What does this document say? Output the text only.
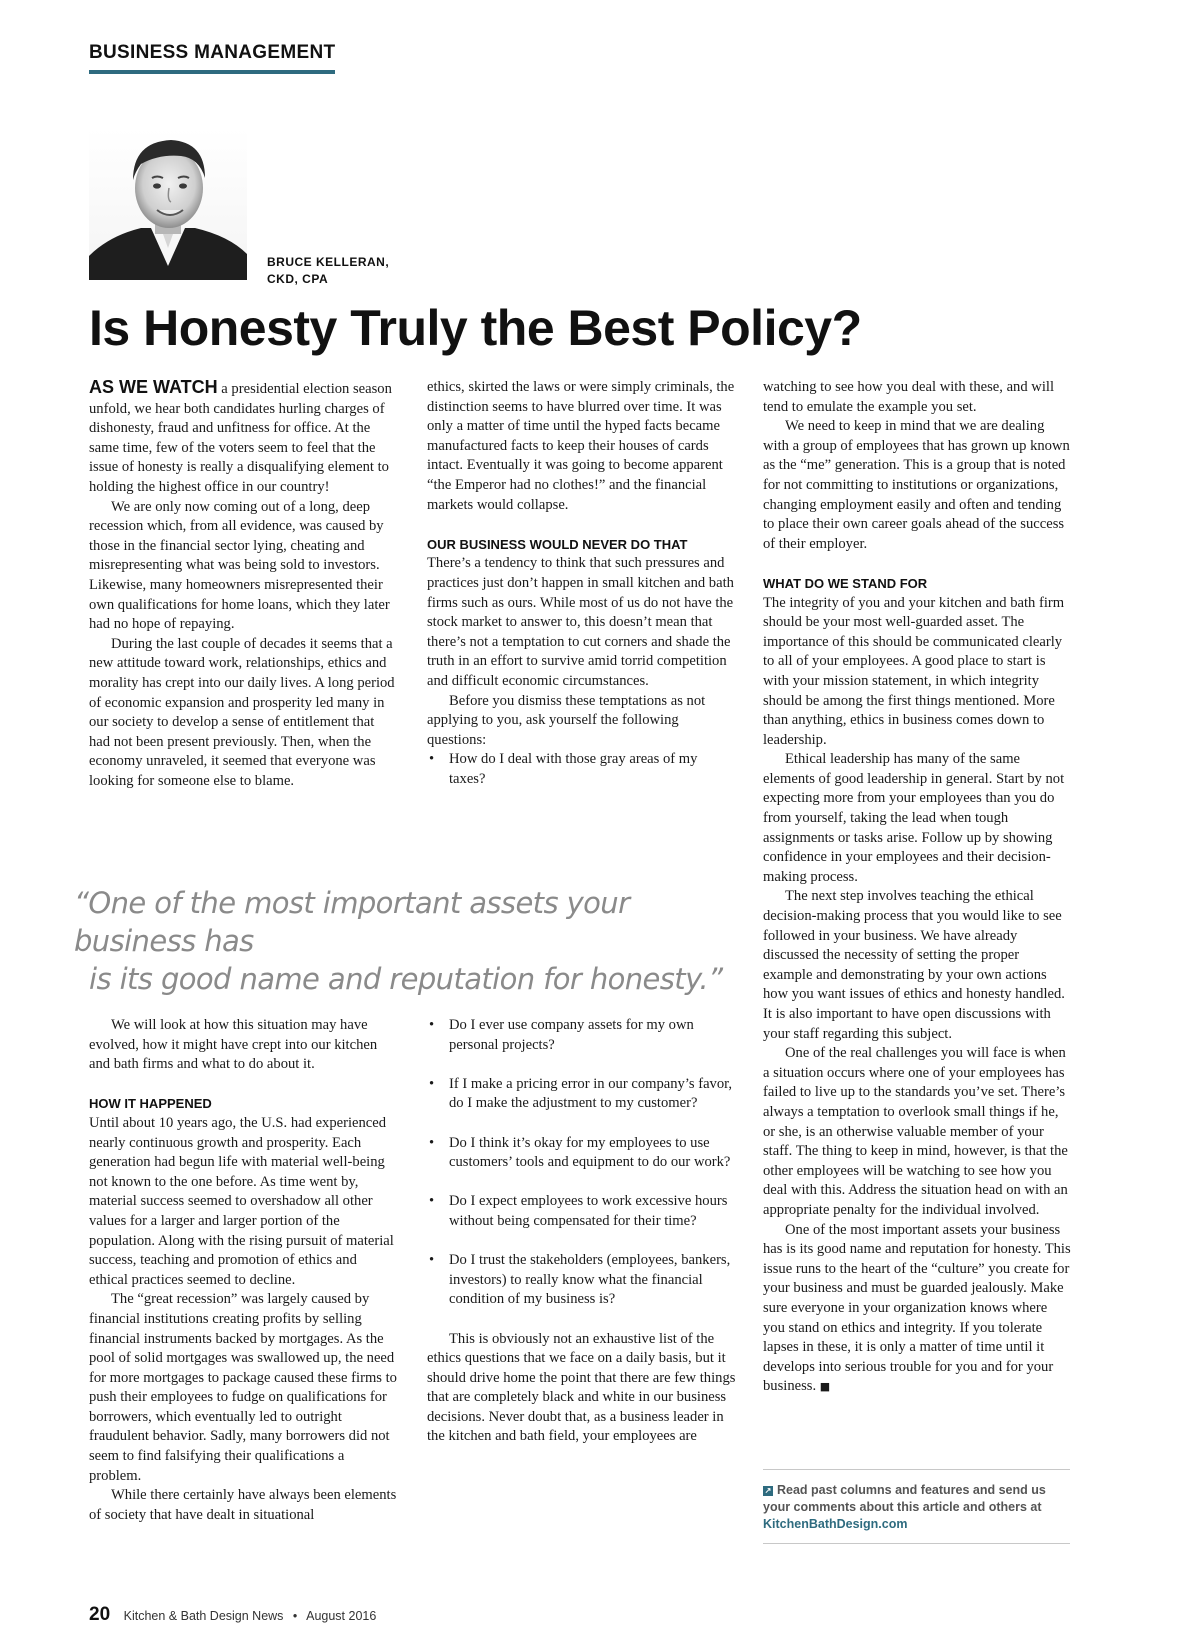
BUSINESS MANAGEMENT
BRUCE KELLERAN,
CKD, CPA
Is Honesty Truly the Best Policy?

AS WE WATCH a presidential election season unfold, we hear both candidates hurling charges of dishonesty, fraud and unfitness for office. At the same time, few of the voters seem to feel that the issue of honesty is really a disqualifying element to holding the highest office in our country!

We are only now coming out of a long, deep recession which, from all evidence, was caused by those in the financial sector lying, cheating and misrepresenting what was being sold to investors. Likewise, many homeowners misrepresented their own qualifications for home loans, which they later had no hope of repaying.

During the last couple of decades it seems that a new attitude toward work, relationships, ethics and morality has crept into our daily lives. A long period of economic expansion and prosperity led many in our society to develop a sense of entitlement that had not been present previously. Then, when the economy unraveled, it seemed that everyone was looking for someone else to blame.

ethics, skirted the laws or were simply criminals, the distinction seems to have blurred over time. It was only a matter of time until the hyped facts became manufactured facts to keep their houses of cards intact. Eventually it was going to become apparent “the Emperor had no clothes!” and the financial markets would collapse.

OUR BUSINESS WOULD NEVER DO THAT

There’s a tendency to think that such pressures and practices just don’t happen in small kitchen and bath firms such as ours. While most of us do not have the stock market to answer to, this doesn’t mean that there’s not a temptation to cut corners and shade the truth in an effort to survive amid torrid competition and difficult economic circumstances.

Before you dismiss these temptations as not applying to you, ask yourself the following questions:

• How do I deal with those gray areas of my taxes?
“One of the most important assets your business has
is its good name and reputation for honesty.”

We will look at how this situation may have evolved, how it might have crept into our kitchen and bath firms and what to do about it.

HOW IT HAPPENED

Until about 10 years ago, the U.S. had experienced nearly continuous growth and prosperity. Each generation had begun life with material well-being not known to the one before. As time went by, material success seemed to overshadow all other values for a larger and larger portion of the population. Along with the rising pursuit of material success, teaching and promotion of ethics and ethical practices seemed to decline.

The “great recession” was largely caused by financial institutions creating profits by selling financial instruments backed by mortgages. As the pool of solid mortgages was swallowed up, the need for more mortgages to package caused these firms to push their employees to fudge on qualifications for borrowers, which eventually led to outright fraudulent behavior. Sadly, many borrowers did not seem to find falsifying their qualifications a problem.

While there certainly have always been elements of society that have dealt in situational

• Do I ever use company assets for my own personal projects?
• If I make a pricing error in our company’s favor, do I make the adjustment to my customer?
• Do I think it’s okay for my employees to use customers’ tools and equipment to do our work?
• Do I expect employees to work excessive hours without being compensated for their time?
• Do I trust the stakeholders (employees, bankers, investors) to really know what the financial condition of my business is?

This is obviously not an exhaustive list of the ethics questions that we face on a daily basis, but it should drive home the point that there are few things that are completely black and white in our business decisions. Never doubt that, as a business leader in the kitchen and bath field, your employees are

watching to see how you deal with these, and will tend to emulate the example you set.

We need to keep in mind that we are dealing with a group of employees that has grown up known as the “me” generation. This is a group that is noted for not committing to institutions or organizations, changing employment easily and often and tending to place their own career goals ahead of the success of their employer.

WHAT DO WE STAND FOR

The integrity of you and your kitchen and bath firm should be your most well-guarded asset. The importance of this should be communicated clearly to all of your employees. A good place to start is with your mission statement, in which integrity should be among the first things mentioned. More than anything, ethics in business comes down to leadership.

Ethical leadership has many of the same elements of good leadership in general. Start by not expecting more from your employees than you do from yourself, taking the lead when tough assignments or tasks arise. Follow up by showing confidence in your employees and their decision-making process.

The next step involves teaching the ethical decision-making process that you would like to see followed in your business. We have already discussed the necessity of setting the proper example and demonstrating by your own actions how you want issues of ethics and honesty handled. It is also important to have open discussions with your staff regarding this subject.

One of the real challenges you will face is when a situation occurs where one of your employees has failed to live up to the standards you’ve set. There’s always a temptation to overlook small things if he, or she, is an otherwise valuable member of your staff. The thing to keep in mind, however, is that the other employees will be watching to see how you deal with this. Address the situation head on with an appropriate penalty for the individual involved.

One of the most important assets your business has is its good name and reputation for honesty. This issue runs to the heart of the “culture” you create for your business and must be guarded jealously. Make sure everyone in your organization knows where you stand on ethics and integrity. If you tolerate lapses in these, it is only a matter of time until it develops into serious trouble for you and for your business. ■

↗ Read past columns and features and send us your comments about this article and others at
KitchenBathDesign.com
20 Kitchen & Bath Design News • August 2016
